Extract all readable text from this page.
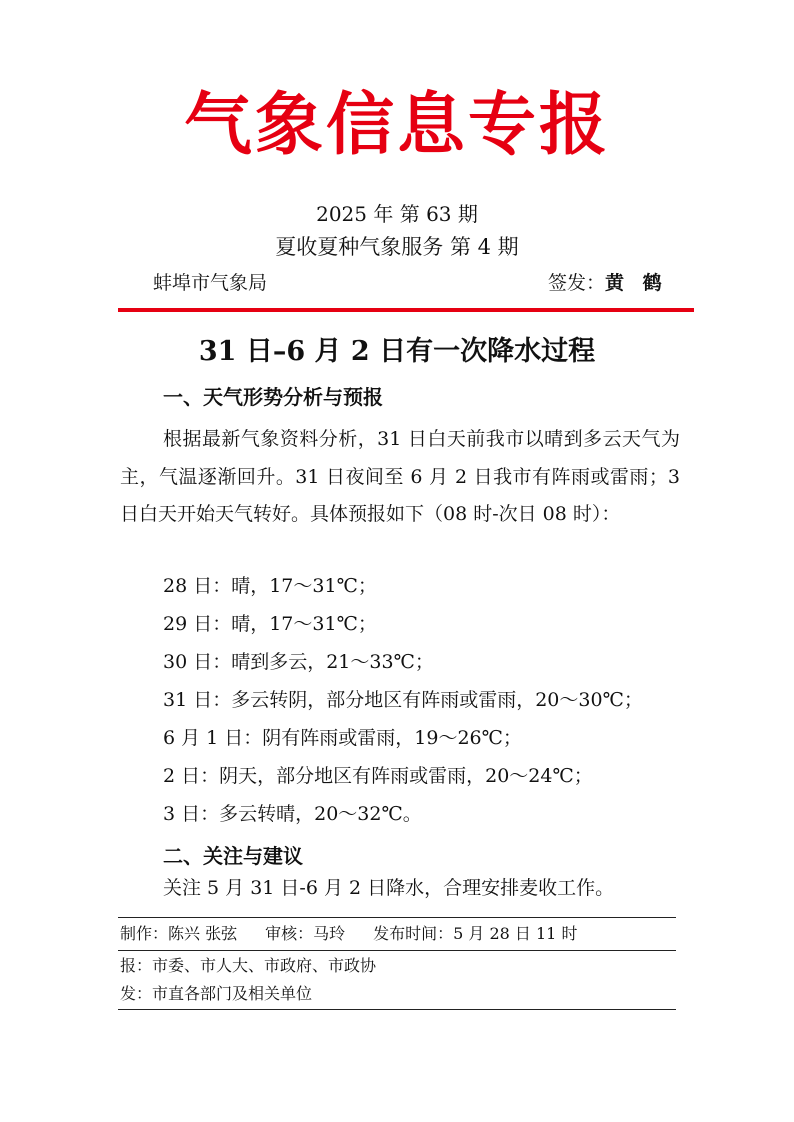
气象信息专报
2025 年 第 63 期
夏收夏种气象服务 第 4 期
蚌埠市气象局	签发：黄 鹤
31 日–6 月 2 日有一次降水过程
一、天气形势分析与预报
根据最新气象资料分析，31 日白天前我市以晴到多云天气为主，气温逐渐回升。31 日夜间至 6 月 2 日我市有阵雨或雷雨；3 日白天开始天气转好。具体预报如下（08 时-次日 08 时）：
28 日：晴，17～31℃；
29 日：晴，17～31℃；
30 日：晴到多云，21～33℃；
31 日：多云转阴，部分地区有阵雨或雷雨，20～30℃；
6 月 1 日：阴有阵雨或雷雨，19～26℃；
2 日：阴天，部分地区有阵雨或雷雨，20～24℃；
3 日：多云转晴，20～32℃。
二、关注与建议
关注 5 月 31 日-6 月 2 日降水，合理安排麦收工作。
制作：陈兴 张弦 审核：马玲 发布时间：5 月 28 日 11 时
报：市委、市人大、市政府、市政协
发：市直各部门及相关单位
